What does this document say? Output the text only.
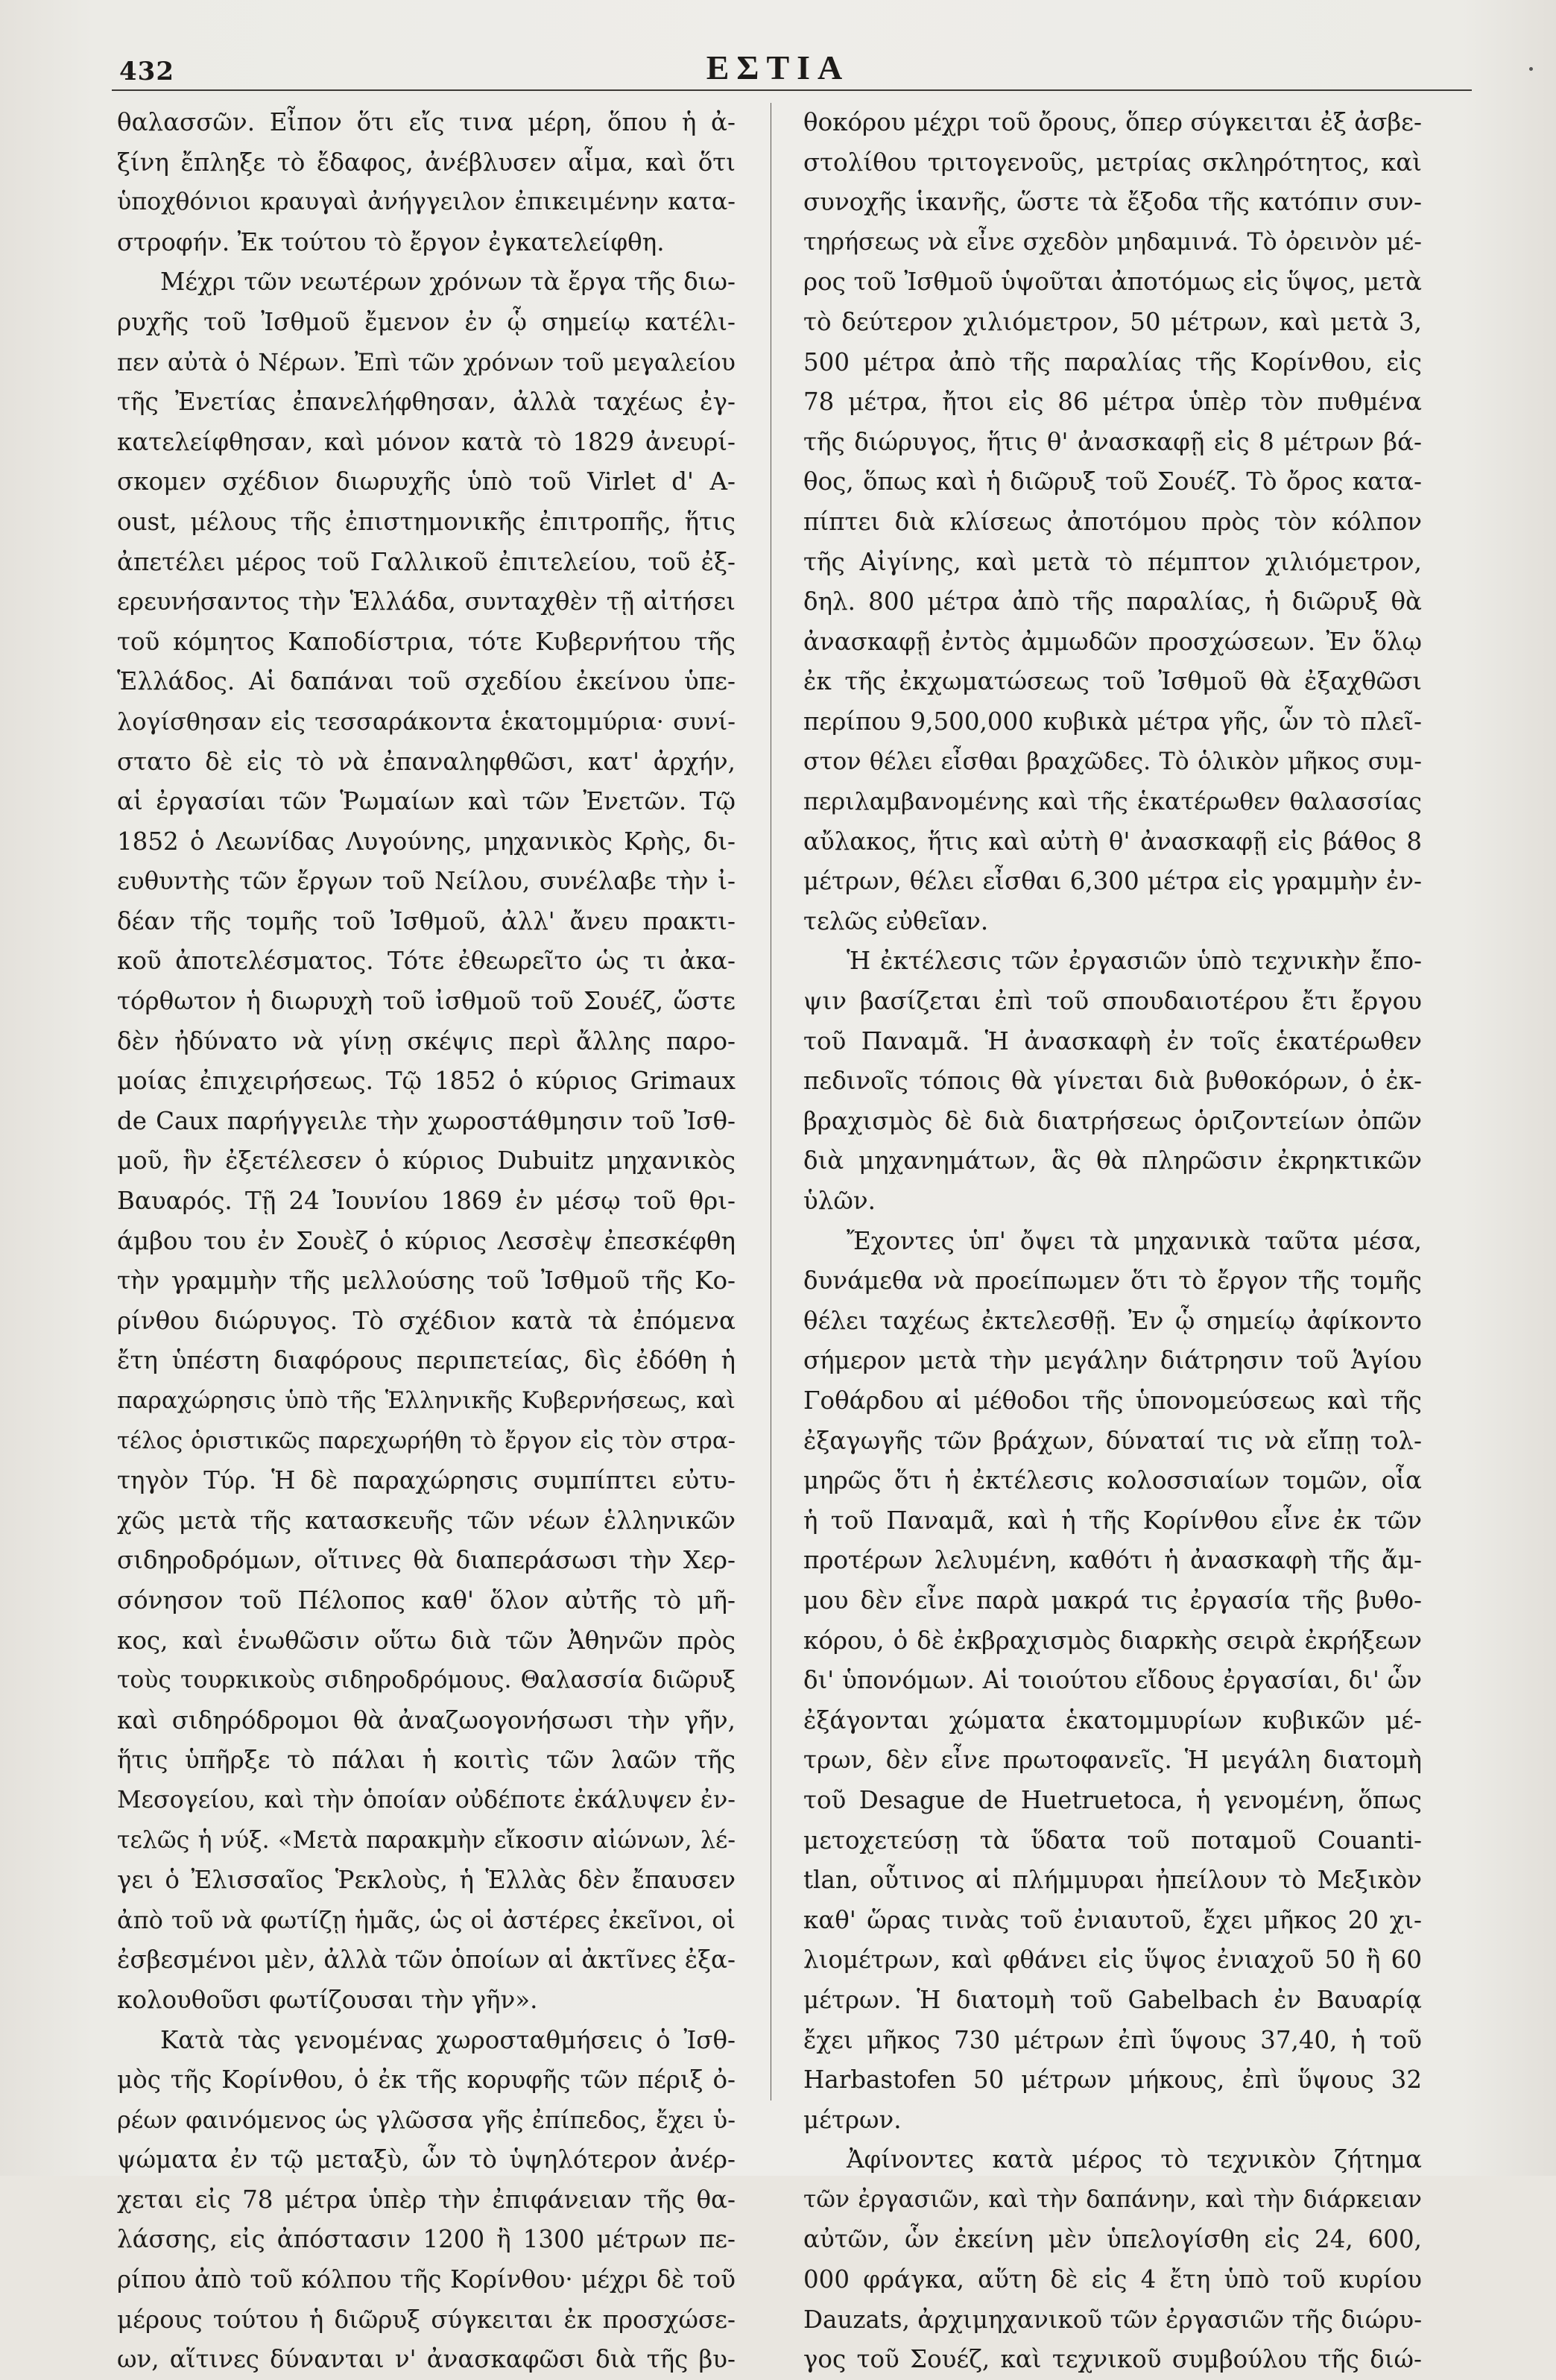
432	ΕΣΤΙΑ
θαλασσῶν. Εἶπον ὅτι εἴς τινα μέρη, ὅπου ἡ ἀ-
ξίνη ἔπληξε τὸ ἔδαφος, ἀνέβλυσεν αἷμα, καὶ ὅτι
ὑποχθόνιοι κραυγαὶ ἀνήγγειλον ἐπικειμένην κατα-
στροφήν. Ἐκ τούτου τὸ ἔργον ἐγκατελείφθη.
Μέχρι τῶν νεωτέρων χρόνων τὰ ἔργα τῆς διω-
ρυχῆς τοῦ Ἰσθμοῦ ἔμενον ἐν ᾧ σημείῳ κατέλι-
πεν αὐτὰ ὁ Νέρων. Ἐπὶ τῶν χρόνων τοῦ μεγαλείου
τῆς Ἐνετίας ἐπανελήφθησαν, ἀλλὰ ταχέως ἐγ-
κατελείφθησαν, καὶ μόνον κατὰ τὸ 1829 ἀνευρί-
σκομεν σχέδιον διωρυχῆς ὑπὸ τοῦ Virlet d' A-
oust, μέλους τῆς ἐπιστημονικῆς ἐπιτροπῆς, ἥτις
ἀπετέλει μέρος τοῦ Γαλλικοῦ ἐπιτελείου, τοῦ ἐξ-
ερευνήσαντος τὴν Ἑλλάδα, συνταχθὲν τῇ αἰτήσει
τοῦ κόμητος Καποδίστρια, τότε Κυβερνήτου τῆς
Ἑλλάδος. Αἱ δαπάναι τοῦ σχεδίου ἐκείνου ὑπε-
λογίσθησαν εἰς τεσσαράκοντα ἑκατομμύρια· συνί-
στατο δὲ εἰς τὸ νὰ ἐπαναληφθῶσι, κατ' ἀρχήν,
αἱ ἐργασίαι τῶν Ῥωμαίων καὶ τῶν Ἐνετῶν. Τῷ
1852 ὁ Λεωνίδας Λυγούνης, μηχανικὸς Κρὴς, δι-
ευθυντὴς τῶν ἔργων τοῦ Νείλου, συνέλαβε τὴν ἰ-
δέαν τῆς τομῆς τοῦ Ἰσθμοῦ, ἀλλ' ἄνευ πρακτι-
κοῦ ἀποτελέσματος. Τότε ἐθεωρεῖτο ὡς τι ἀκα-
τόρθωτον ἡ διωρυχὴ τοῦ ἰσθμοῦ τοῦ Σουέζ, ὥστε
δὲν ἠδύνατο νὰ γίνῃ σκέψις περὶ ἄλλης παρο-
μοίας ἐπιχειρήσεως. Τῷ 1852 ὁ κύριος Grimaux
de Caux παρήγγειλε τὴν χωροστάθμησιν τοῦ Ἰσθ-
μοῦ, ἣν ἐξετέλεσεν ὁ κύριος Dubuitz μηχανικὸς
Βαυαρός. Τῇ 24 Ἰουνίου 1869 ἐν μέσῳ τοῦ θρι-
άμβου του ἐν Σουὲζ ὁ κύριος Λεσσὲψ ἐπεσκέφθη
τὴν γραμμὴν τῆς μελλούσης τοῦ Ἰσθμοῦ τῆς Κο-
ρίνθου διώρυγος. Τὸ σχέδιον κατὰ τὰ ἐπόμενα
ἔτη ὑπέστη διαφόρους περιπετείας, δὶς ἐδόθη ἡ
παραχώρησις ὑπὸ τῆς Ἑλληνικῆς Κυβερνήσεως, καὶ
τέλος ὁριστικῶς παρεχωρήθη τὸ ἔργον εἰς τὸν στρα-
τηγὸν Τύρ. Ἡ δὲ παραχώρησις συμπίπτει εὐτυ-
χῶς μετὰ τῆς κατασκευῆς τῶν νέων ἑλληνικῶν
σιδηροδρόμων, οἵτινες θὰ διαπεράσωσι τὴν Χερ-
σόνησον τοῦ Πέλοπος καθ' ὅλον αὐτῆς τὸ μῆ-
κος, καὶ ἑνωθῶσιν οὕτω διὰ τῶν Ἀθηνῶν πρὸς
τοὺς τουρκικοὺς σιδηροδρόμους. Θαλασσία διῶρυξ
καὶ σιδηρόδρομοι θὰ ἀναζωογονήσωσι τὴν γῆν,
ἥτις ὑπῆρξε τὸ πάλαι ἡ κοιτὶς τῶν λαῶν τῆς
Μεσογείου, καὶ τὴν ὁποίαν οὐδέποτε ἐκάλυψεν ἐν-
τελῶς ἡ νύξ. «Μετὰ παρακμὴν εἴκοσιν αἰώνων, λέ-
γει ὁ Ἐλισσαῖος Ῥεκλοὺς, ἡ Ἑλλὰς δὲν ἔπαυσεν
ἀπὸ τοῦ νὰ φωτίζῃ ἡμᾶς, ὡς οἱ ἀστέρες ἐκεῖνοι, οἱ
ἐσβεσμένοι μὲν, ἀλλὰ τῶν ὁποίων αἱ ἀκτῖνες ἐξα-
κολουθοῦσι φωτίζουσαι τὴν γῆν».
Κατὰ τὰς γενομένας χωροσταθμήσεις ὁ Ἰσθ-
μὸς τῆς Κορίνθου, ὁ ἐκ τῆς κορυφῆς τῶν πέριξ ὀ-
ρέων φαινόμενος ὡς γλῶσσα γῆς ἐπίπεδος, ἔχει ὑ-
ψώματα ἐν τῷ μεταξὺ, ὧν τὸ ὑψηλότερον ἀνέρ-
χεται εἰς 78 μέτρα ὑπὲρ τὴν ἐπιφάνειαν τῆς θα-
λάσσης, εἰς ἀπόστασιν 1200 ἢ 1300 μέτρων πε-
ρίπου ἀπὸ τοῦ κόλπου τῆς Κορίνθου· μέχρι δὲ τοῦ
μέρους τούτου ἡ διῶρυξ σύγκειται ἐκ προσχώσε-
ων, αἵτινες δύνανται ν' ἀνασκαφῶσι διὰ τῆς βυ-
θοκόρου μέχρι τοῦ ὄρους, ὅπερ σύγκειται ἐξ ἀσβε-
στολίθου τριτογενοῦς, μετρίας σκληρότητος, καὶ
συνοχῆς ἱκανῆς, ὥστε τὰ ἔξοδα τῆς κατόπιν συν-
τηρήσεως νὰ εἶνε σχεδὸν μηδαμινά. Τὸ ὀρεινὸν μέ-
ρος τοῦ Ἰσθμοῦ ὑψοῦται ἀποτόμως εἰς ὕψος, μετὰ
τὸ δεύτερον χιλιόμετρον, 50 μέτρων, καὶ μετὰ 3,
500 μέτρα ἀπὸ τῆς παραλίας τῆς Κορίνθου, εἰς
78 μέτρα, ἤτοι εἰς 86 μέτρα ὑπὲρ τὸν πυθμένα
τῆς διώρυγος, ἥτις θ' ἀνασκαφῇ εἰς 8 μέτρων βά-
θος, ὅπως καὶ ἡ διῶρυξ τοῦ Σουέζ. Τὸ ὄρος κατα-
πίπτει διὰ κλίσεως ἀποτόμου πρὸς τὸν κόλπον
τῆς Αἰγίνης, καὶ μετὰ τὸ πέμπτον χιλιόμετρον,
δηλ. 800 μέτρα ἀπὸ τῆς παραλίας, ἡ διῶρυξ θὰ
ἀνασκαφῇ ἐντὸς ἀμμωδῶν προσχώσεων. Ἐν ὅλῳ
ἐκ τῆς ἐκχωματώσεως τοῦ Ἰσθμοῦ θὰ ἐξαχθῶσι
περίπου 9,500,000 κυβικὰ μέτρα γῆς, ὧν τὸ πλεῖ-
στον θέλει εἶσθαι βραχῶδες. Τὸ ὁλικὸν μῆκος συμ-
περιλαμβανομένης καὶ τῆς ἑκατέρωθεν θαλασσίας
αὔλακος, ἥτις καὶ αὐτὴ θ' ἀνασκαφῇ εἰς βάθος 8
μέτρων, θέλει εἶσθαι 6,300 μέτρα εἰς γραμμὴν ἐν-
τελῶς εὐθεῖαν.
Ἡ ἐκτέλεσις τῶν ἐργασιῶν ὑπὸ τεχνικὴν ἔπο-
ψιν βασίζεται ἐπὶ τοῦ σπουδαιοτέρου ἔτι ἔργου
τοῦ Παναμᾶ. Ἡ ἀνασκαφὴ ἐν τοῖς ἑκατέρωθεν
πεδινοῖς τόποις θὰ γίνεται διὰ βυθοκόρων, ὁ ἐκ-
βραχισμὸς δὲ διὰ διατρήσεως ὁριζοντείων ὀπῶν
διὰ μηχανημάτων, ἃς θὰ πληρῶσιν ἐκρηκτικῶν
ὑλῶν.
Ἔχοντες ὑπ' ὄψει τὰ μηχανικὰ ταῦτα μέσα,
δυνάμεθα νὰ προείπωμεν ὅτι τὸ ἔργον τῆς τομῆς
θέλει ταχέως ἐκτελεσθῇ. Ἐν ᾧ σημείῳ ἀφίκοντο
σήμερον μετὰ τὴν μεγάλην διάτρησιν τοῦ Ἁγίου
Γοθάρδου αἱ μέθοδοι τῆς ὑπονομεύσεως καὶ τῆς
ἐξαγωγῆς τῶν βράχων, δύναταί τις νὰ εἴπῃ τολ-
μηρῶς ὅτι ἡ ἐκτέλεσις κολοσσιαίων τομῶν, οἷα
ἡ τοῦ Παναμᾶ, καὶ ἡ τῆς Κορίνθου εἶνε ἐκ τῶν
προτέρων λελυμένη, καθότι ἡ ἀνασκαφὴ τῆς ἄμ-
μου δὲν εἶνε παρὰ μακρά τις ἐργασία τῆς βυθο-
κόρου, ὁ δὲ ἐκβραχισμὸς διαρκὴς σειρὰ ἐκρήξεων
δι' ὑπονόμων. Αἱ τοιούτου εἴδους ἐργασίαι, δι' ὧν
ἐξάγονται χώματα ἑκατομμυρίων κυβικῶν μέ-
τρων, δὲν εἶνε πρωτοφανεῖς. Ἡ μεγάλη διατομὴ
τοῦ Desague de Huetruetoca, ἡ γενομένη, ὅπως
μετοχετεύσῃ τὰ ὕδατα τοῦ ποταμοῦ Couanti-
tlan, οὗτινος αἱ πλήμμυραι ἠπείλουν τὸ Μεξικὸν
καθ' ὥρας τινὰς τοῦ ἐνιαυτοῦ, ἔχει μῆκος 20 χι-
λιομέτρων, καὶ φθάνει εἰς ὕψος ἐνιαχοῦ 50 ἢ 60
μέτρων. Ἡ διατομὴ τοῦ Gabelbach ἐν Βαυαρίᾳ
ἔχει μῆκος 730 μέτρων ἐπὶ ὕψους 37,40, ἡ τοῦ
Harbastofen 50 μέτρων μήκους, ἐπὶ ὕψους 32
μέτρων.
Ἀφίνοντες κατὰ μέρος τὸ τεχνικὸν ζήτημα
τῶν ἐργασιῶν, καὶ τὴν δαπάνην, καὶ τὴν διάρκειαν
αὐτῶν, ὧν ἐκείνη μὲν ὑπελογίσθη εἰς 24, 600,
000 φράγκα, αὕτη δὲ εἰς 4 ἔτη ὑπὸ τοῦ κυρίου
Dauzats, ἀρχιμηχανικοῦ τῶν ἐργασιῶν τῆς διώρυ-
γος τοῦ Σουέζ, καὶ τεχνικοῦ συμβούλου τῆς διώ-
